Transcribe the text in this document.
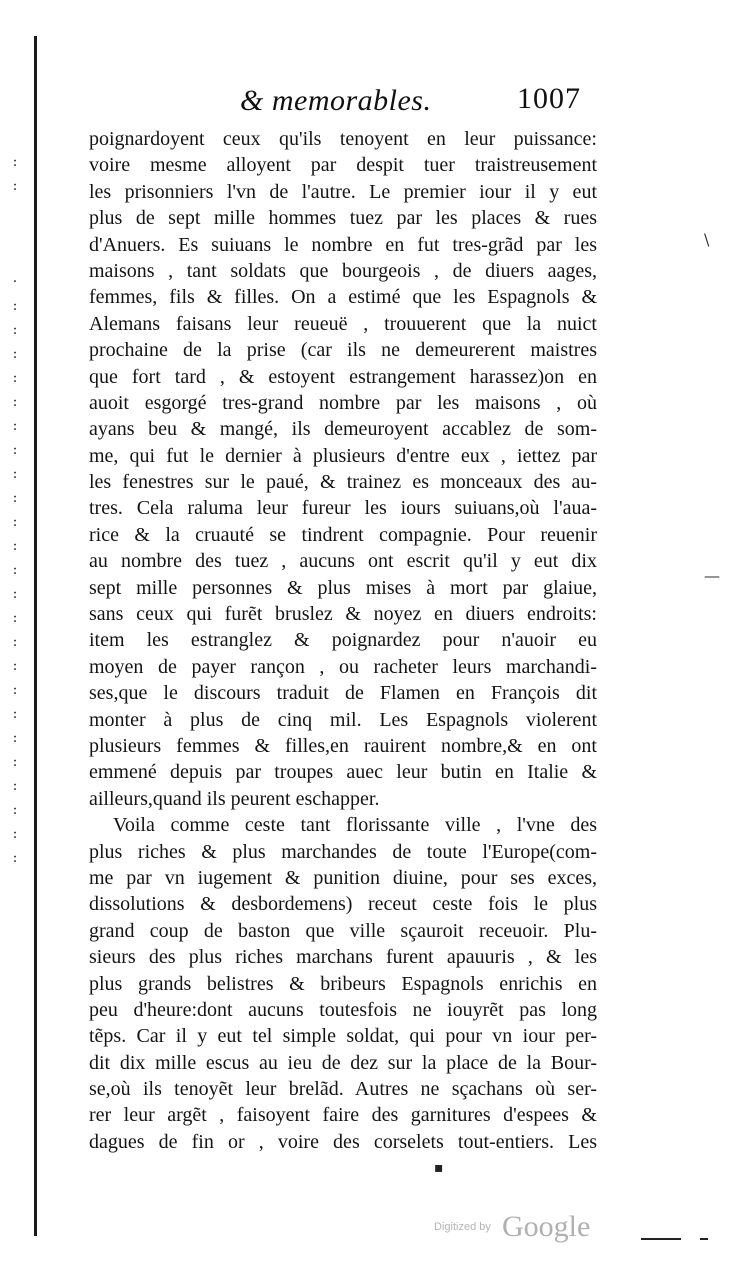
:
:

·
:
:
:
:
:
:
:
:
:
:
:
:
:
:
:
:
:
:
:
:
:
:
:
:
\
—
& memorables.	1007
poignardoyent ceux qu'ils tenoyent en leur puissance:
voire mesme alloyent par despit tuer traistreusement
les prisonniers l'vn de l'autre. Le premier iour il y eut
plus de sept mille hommes tuez par les places & rues
d'Anuers. Es suiuans le nombre en fut tres-grãd par les
maisons , tant soldats que bourgeois , de diuers aages,
femmes, fils & filles. On a estimé que les Espagnols &
Alemans faisans leur reueuë , trouuerent que la nuict
prochaine de la prise (car ils ne demeurerent maistres
que fort tard , & estoyent estrangement harassez)on en
auoit esgorgé tres-grand nombre par les maisons , où
ayans beu & mangé, ils demeuroyent accablez de som-
me, qui fut le dernier à plusieurs d'entre eux , iettez par
les fenestres sur le paué, & trainez es monceaux des au-
tres. Cela raluma leur fureur les iours suiuans,où l'aua-
rice & la cruauté se tindrent compagnie. Pour reuenir
au nombre des tuez , aucuns ont escrit qu'il y eut dix
sept mille personnes & plus mises à mort par glaiue,
sans ceux qui furẽt bruslez & noyez en diuers endroits:
item les estranglez & poignardez pour n'auoir eu
moyen de payer rançon , ou racheter leurs marchandi-
ses,que le discours traduit de Flamen en François dit
monter à plus de cinq mil. Les Espagnols violerent
plusieurs femmes & filles,en rauirent nombre,& en ont
emmené depuis par troupes auec leur butin en Italie &
ailleurs,quand ils peurent eschapper.
Voila comme ceste tant florissante ville , l'vne des
plus riches & plus marchandes de toute l'Europe(com-
me par vn iugement & punition diuine, pour ses exces,
dissolutions & desbordemens) receut ceste fois le plus
grand coup de baston que ville sçauroit receuoir. Plu-
sieurs des plus riches marchans furent apauuris , & les
plus grands belistres & bribeurs Espagnols enrichis en
peu d'heure:dont aucuns toutesfois ne iouyrẽt pas long
tẽps. Car il y eut tel simple soldat, qui pour vn iour per-
dit dix mille escus au ieu de dez sur la place de la Bour-
se,où ils tenoyẽt leur brelãd. Autres ne sçachans où ser-
rer leur argẽt , faisoyent faire des garnitures d'espees &
dagues de fin or , voire des corselets tout-entiers. Les
▪
Digitized by Google
